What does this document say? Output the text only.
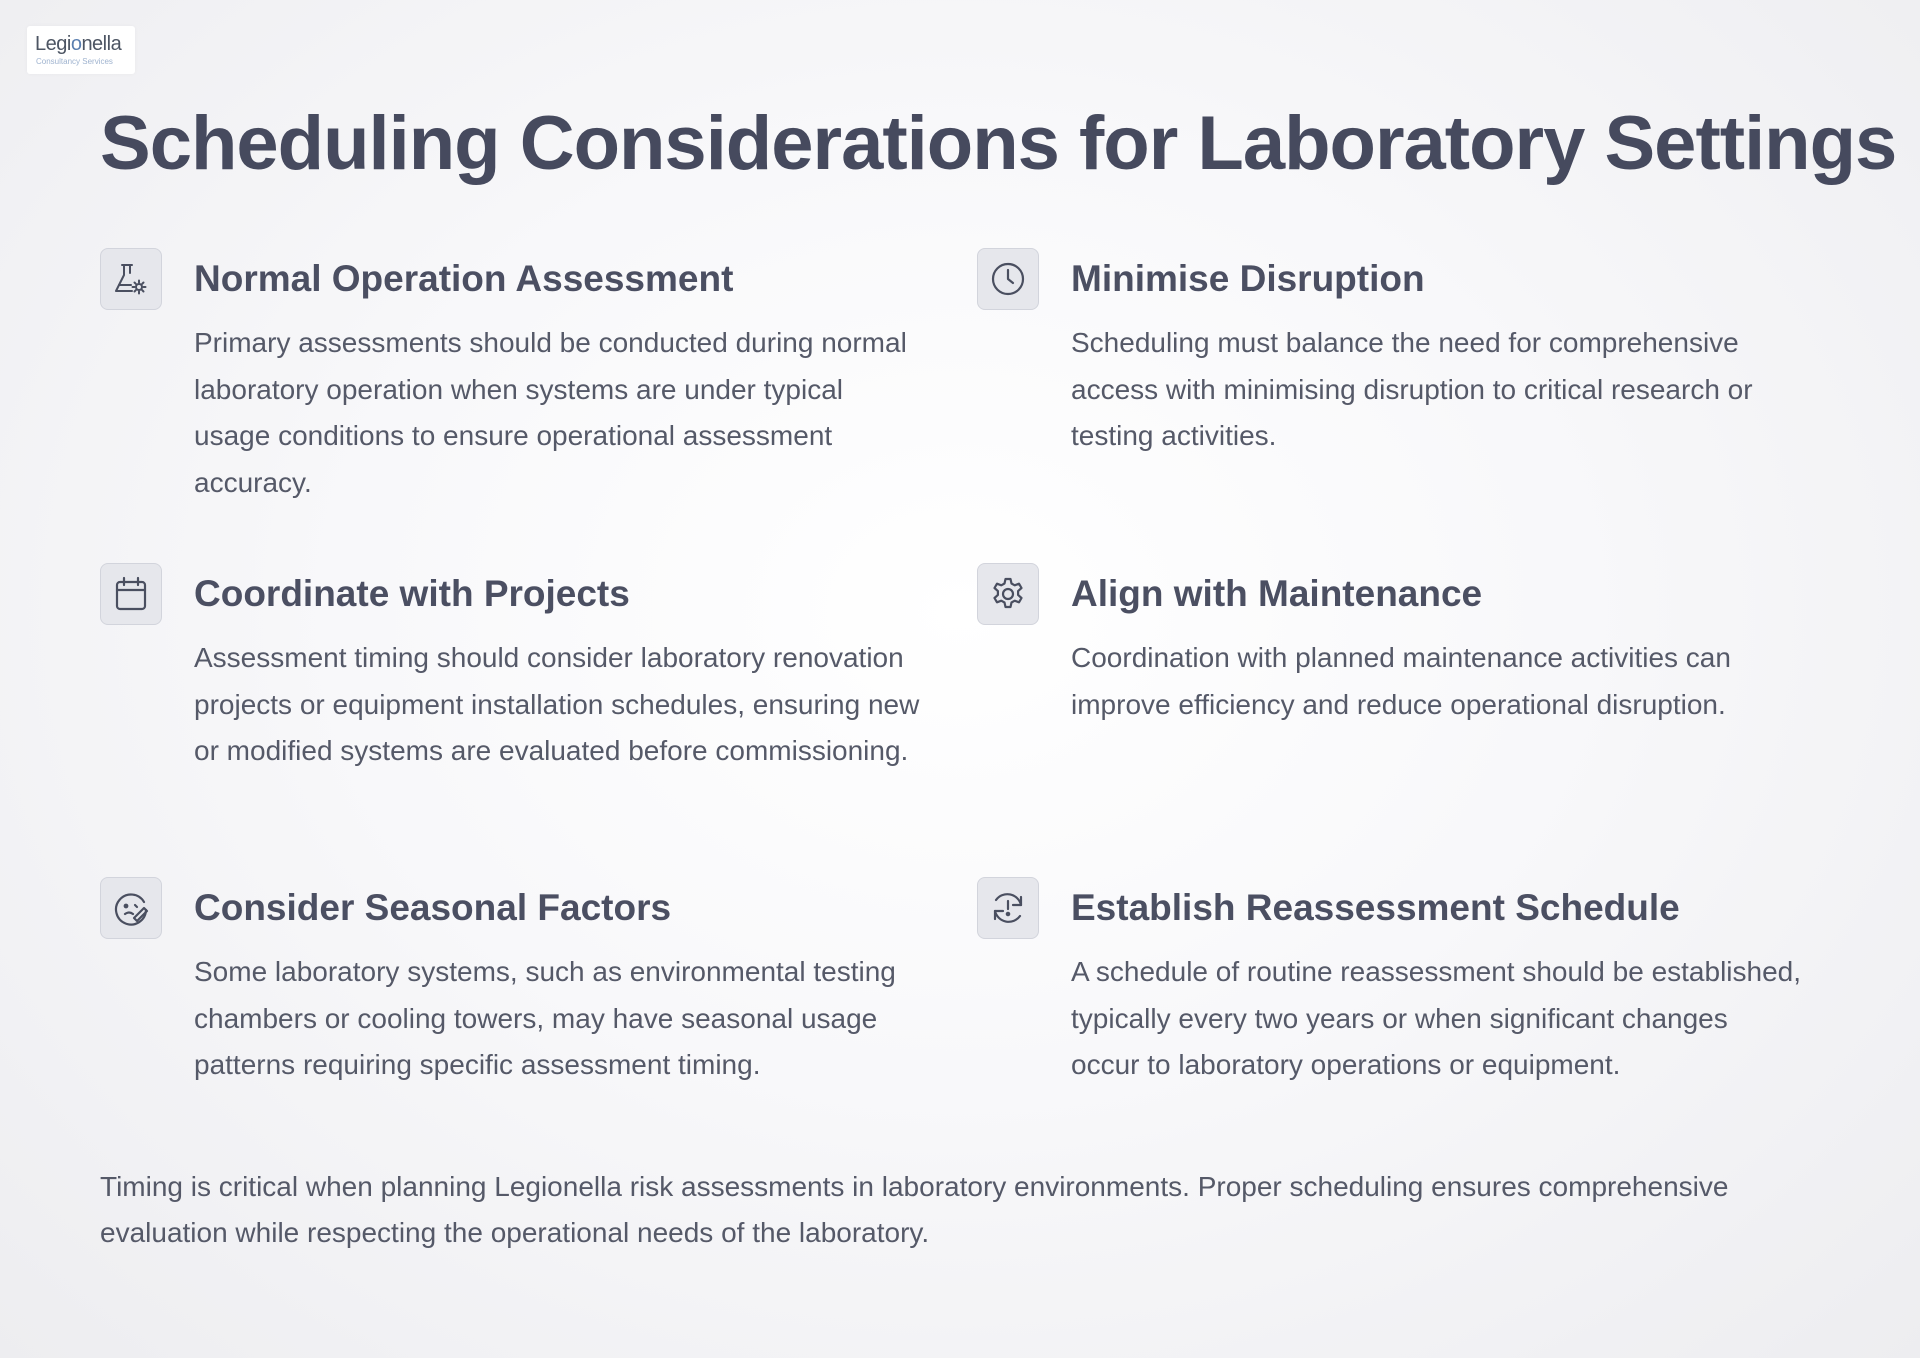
Legionella
Consultancy Services
Scheduling Considerations for Laboratory Settings
Normal Operation Assessment

Primary assessments should be conducted during normal laboratory operation when systems are under typical usage conditions to ensure operational assessment accuracy.

Minimise Disruption

Scheduling must balance the need for comprehensive access with minimising disruption to critical research or testing activities.

Coordinate with Projects

Assessment timing should consider laboratory renovation projects or equipment installation schedules, ensuring new or modified systems are evaluated before commissioning.

Align with Maintenance

Coordination with planned maintenance activities can improve efficiency and reduce operational disruption.

Consider Seasonal Factors

Some laboratory systems, such as environmental testing chambers or cooling towers, may have seasonal usage patterns requiring specific assessment timing.

Establish Reassessment Schedule

A schedule of routine reassessment should be established, typically every two years or when significant changes occur to laboratory operations or equipment.

Timing is critical when planning Legionella risk assessments in laboratory environments. Proper scheduling ensures comprehensive evaluation while respecting the operational needs of the laboratory.
